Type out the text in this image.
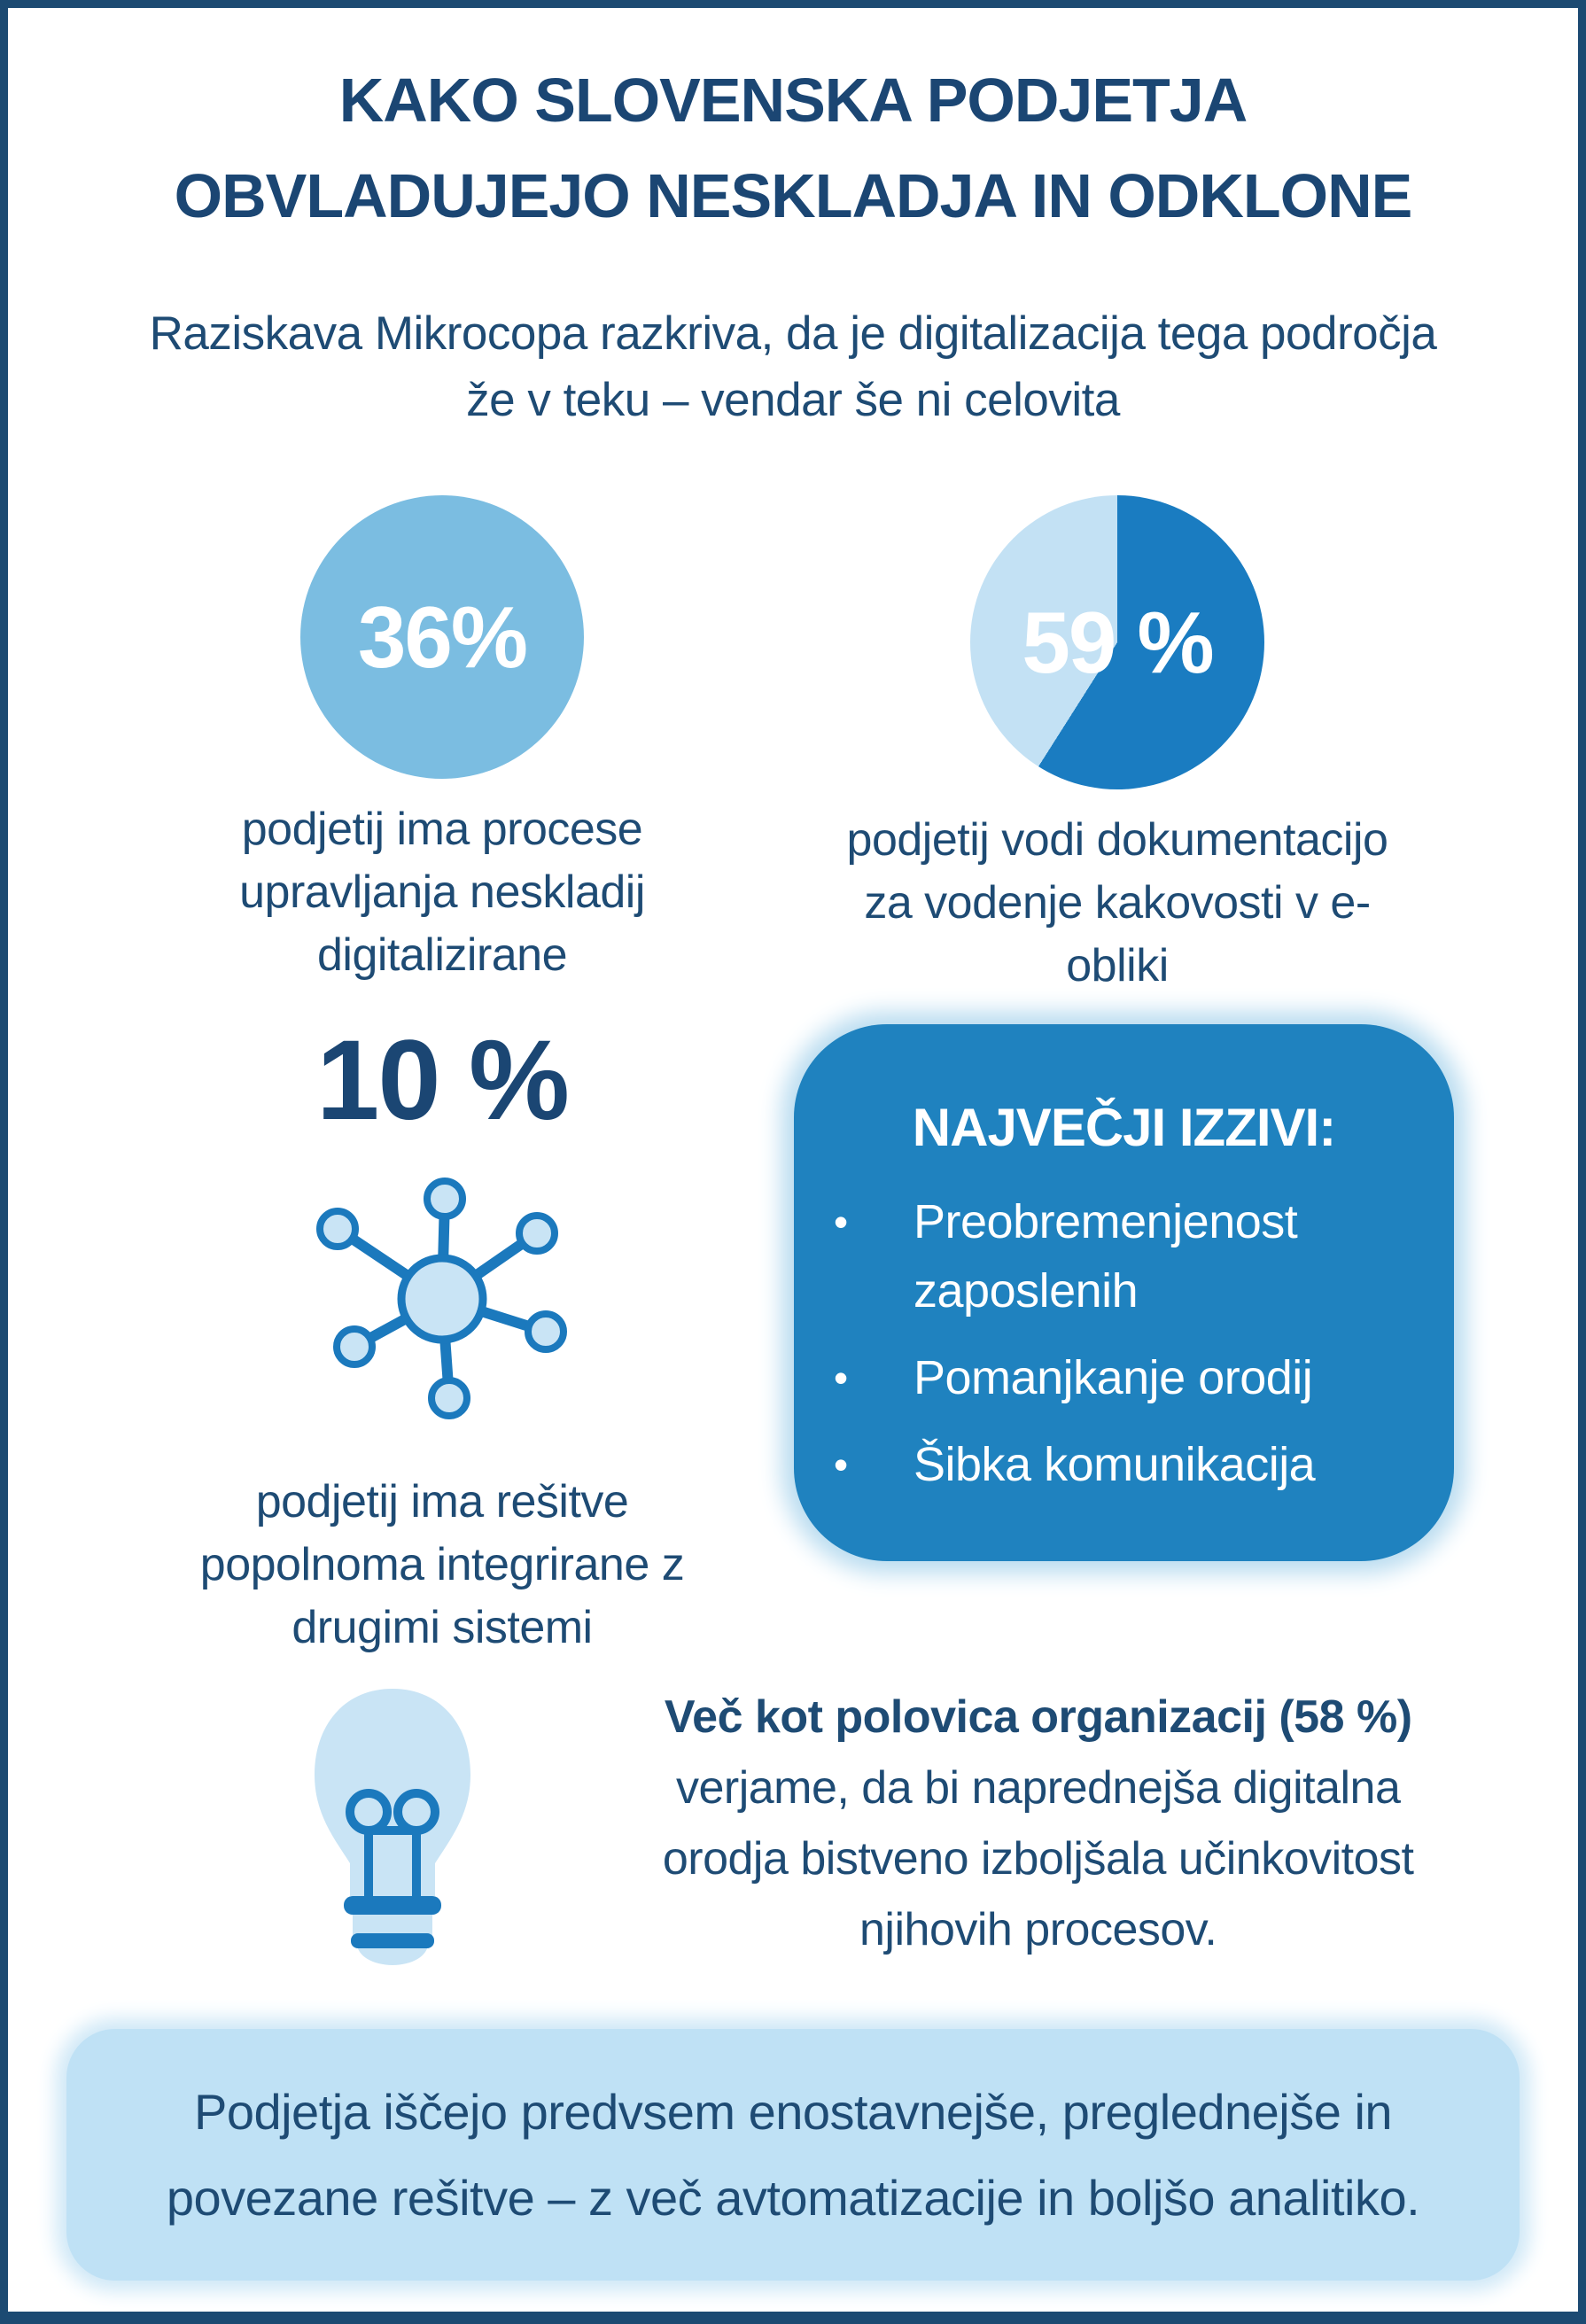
KAKO SLOVENSKA PODJETJA
OBVLADUJEJO NESKLADJA IN ODKLONE
Raziskava Mikrocopa razkriva, da je digitalizacija tega področja že v teku – vendar še ni celovita
36%
podjetij ima procese upravljanja neskladij digitalizirane
59 %
podjetij vodi dokumentacijo za vodenje kakovosti v e-obliki
10 %
podjetij ima rešitve popolnoma integrirane z drugimi sistemi
NAJVEČJI IZZIVI:
•	Preobremenjenost zaposlenih
•	Pomanjkanje orodij
•	Šibka komunikacija

Več kot polovica organizacij (58 %)
verjame, da bi naprednejša digitalna orodja bistveno izboljšala učinkovitost njihovih procesov.

Podjetja iščejo predvsem enostavnejše, preglednejše in povezane rešitve – z več avtomatizacije in boljšo analitiko.
